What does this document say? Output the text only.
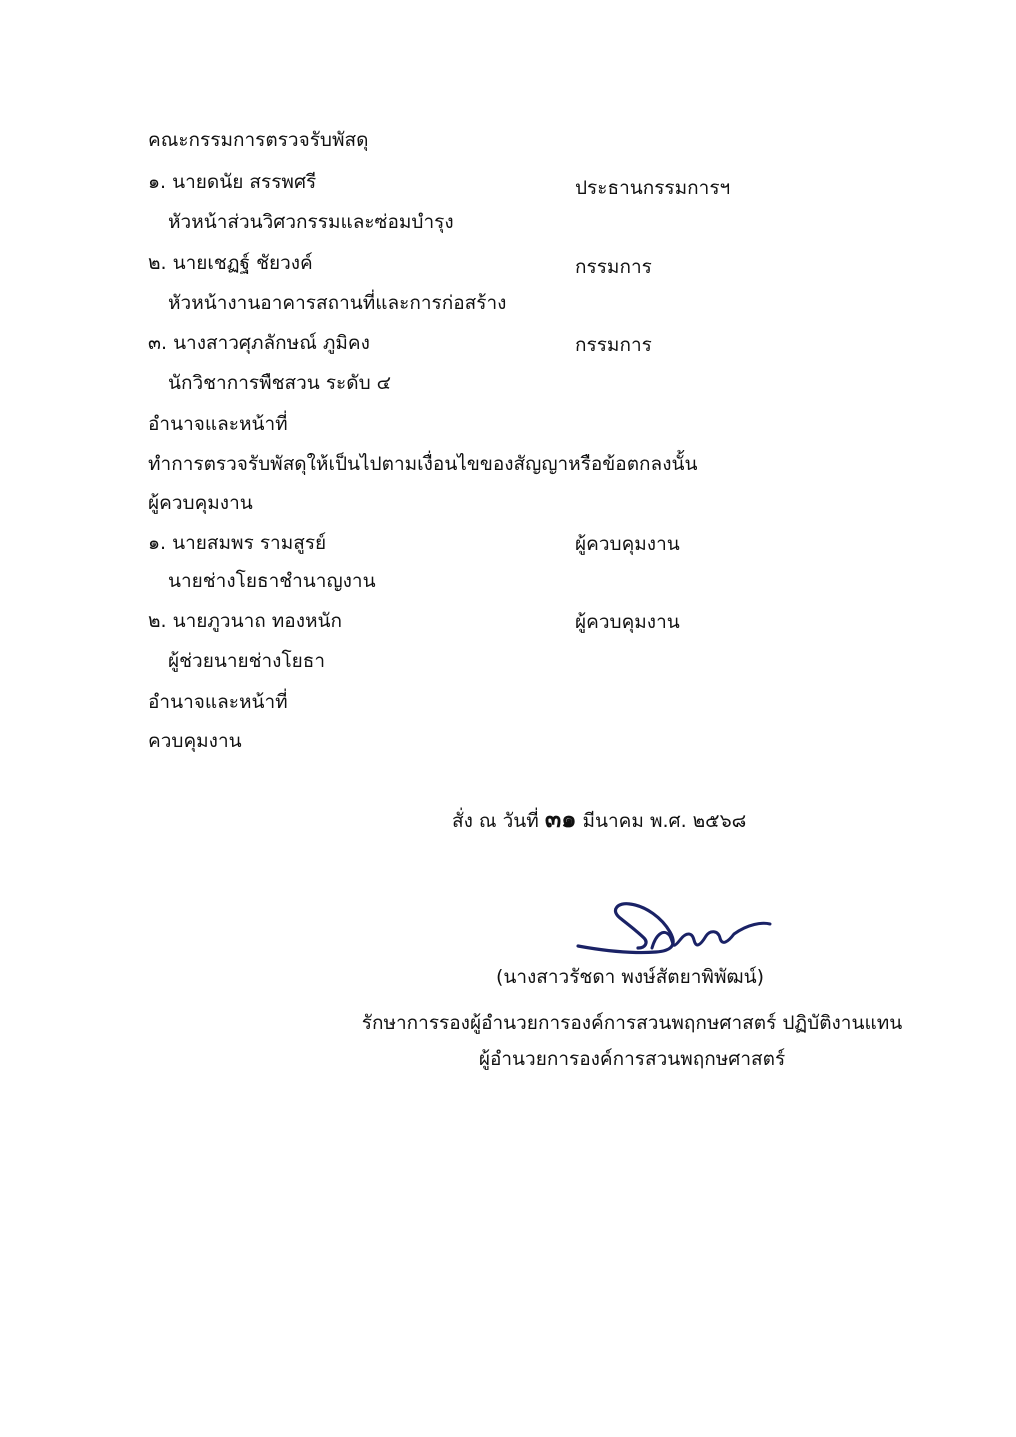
คณะกรรมการตรวจรับพัสดุ
๑. นายดนัย สรรพศรี	ประธานกรรมการฯ
หัวหน้าส่วนวิศวกรรมและซ่อมบำรุง
๒. นายเชฏฐ์ ชัยวงค์	กรรมการ
หัวหน้างานอาคารสถานที่และการก่อสร้าง
๓. นางสาวศุภลักษณ์ ภูมิคง	กรรมการ
นักวิชาการพืชสวน ระดับ ๔
อำนาจและหน้าที่
ทำการตรวจรับพัสดุให้เป็นไปตามเงื่อนไขของสัญญาหรือข้อตกลงนั้น
ผู้ควบคุมงาน
๑. นายสมพร รามสูรย์	ผู้ควบคุมงาน
นายช่างโยธาชำนาญงาน
๒. นายภูวนาถ ทองหนัก	ผู้ควบคุมงาน
ผู้ช่วยนายช่างโยธา
อำนาจและหน้าที่
ควบคุมงาน
สั่ง ณ วันที่ ๓๑ มีนาคม พ.ศ. ๒๕๖๘
(นางสาวรัชดา พงษ์สัตยาพิพัฒน์)
รักษาการรองผู้อำนวยการองค์การสวนพฤกษศาสตร์ ปฏิบัติงานแทน
ผู้อำนวยการองค์การสวนพฤกษศาสตร์
